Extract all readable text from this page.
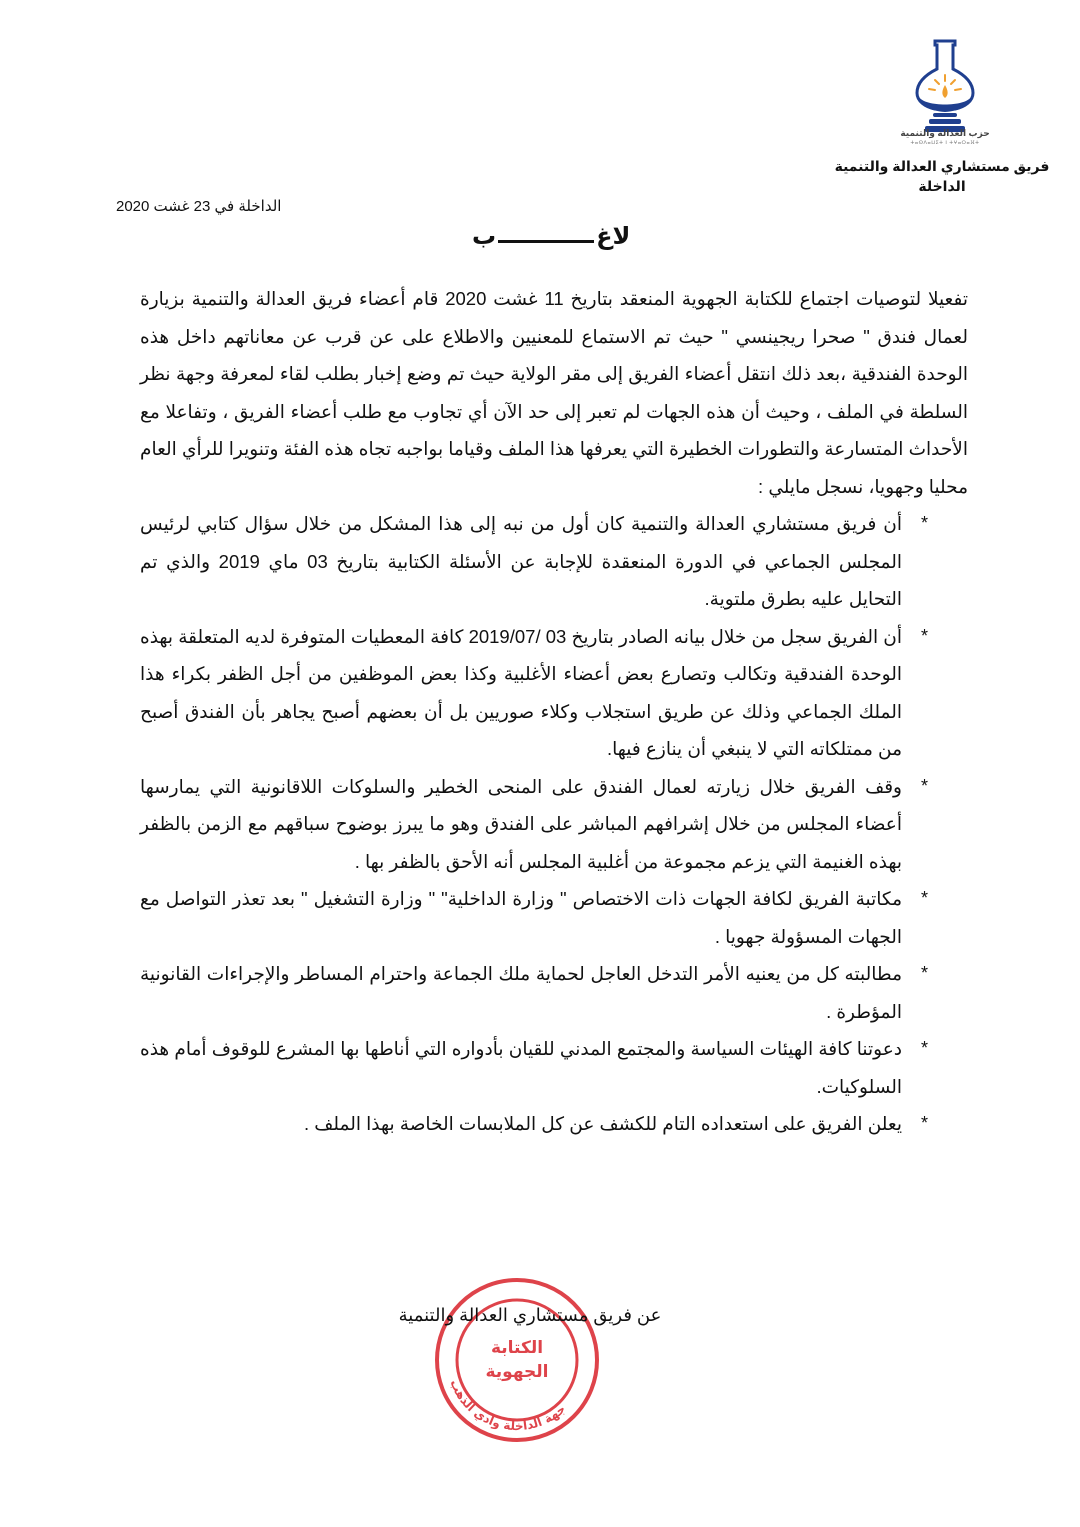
حزب العدالة والتنمية
ⵜⴰⵙⴷⴰⵡⵉⵜ ⵏ ⵜⵖⴰⵔⴰⴼⵜ
فريق مستشاري العدالة والتنمية
الداخلة
الداخلة في 23 غشت 2020
لاغب

تفعيلا لتوصيات اجتماع للكتابة الجهوية المنعقد بتاريخ 11 غشت 2020 قام أعضاء فريق العدالة والتنمية بزيارة لعمال فندق " صحرا ريجينسي " حيث تم الاستماع للمعنيين والاطلاع على عن قرب عن معاناتهم داخل هذه الوحدة الفندقية ،بعد ذلك انتقل أعضاء الفريق إلى مقر الولاية حيث تم وضع إخبار بطلب لقاء لمعرفة وجهة نظر السلطة في الملف ، وحيث أن هذه الجهات لم تعبر إلى حد الآن أي تجاوب مع طلب أعضاء الفريق ، وتفاعلا مع الأحداث المتسارعة والتطورات الخطيرة التي يعرفها هذا الملف وقياما بواجبه تجاه هذه الفئة وتنويرا للرأي العام محليا وجهويا، نسجل مايلي :

*
أن فريق مستشاري العدالة والتنمية كان أول من نبه إلى هذا المشكل من خلال سؤال كتابي لرئيس المجلس الجماعي في الدورة المنعقدة للإجابة عن الأسئلة الكتابية بتاريخ 03 ماي 2019 والذي تم التحايل عليه بطرق ملتوية.
*
أن الفريق سجل من خلال بيانه الصادر بتاريخ 03 /2019/07 كافة المعطيات المتوفرة لديه المتعلقة بهذه الوحدة الفندقية وتكالب وتصارع بعض أعضاء الأغلبية وكذا بعض الموظفين من أجل الظفر بكراء هذا الملك الجماعي وذلك عن طريق استجلاب وكلاء صوريين بل أن بعضهم أصبح يجاهر بأن الفندق أصبح من ممتلكاته التي لا ينبغي أن ينازع فيها.
*
وقف الفريق خلال زيارته لعمال الفندق على المنحى الخطير والسلوكات اللاقانونية التي يمارسها أعضاء المجلس من خلال إشرافهم المباشر على الفندق وهو ما يبرز بوضوح سباقهم مع الزمن بالظفر بهذه الغنيمة التي يزعم مجموعة من أغلبية المجلس أنه الأحق بالظفر بها .
*
مكاتبة الفريق لكافة الجهات ذات الاختصاص " وزارة الداخلية" " وزارة التشغيل " بعد تعذر التواصل مع الجهات المسؤولة جهويا .
*
مطالبته كل من يعنيه الأمر التدخل العاجل لحماية ملك الجماعة واحترام المساطر والإجراءات القانونية المؤطرة .
*
دعوتنا كافة الهيئات السياسة والمجتمع المدني للقيان بأدواره التي أناطها بها المشرع للوقوف أمام هذه السلوكيات.
*
يعلن الفريق على استعداده التام للكشف عن كل الملابسات الخاصة بهذا الملف .
جهة الداخلة وادي الذهب
الكتابة
الجهوية
عن فريق مستشاري العدالة والتنمية
